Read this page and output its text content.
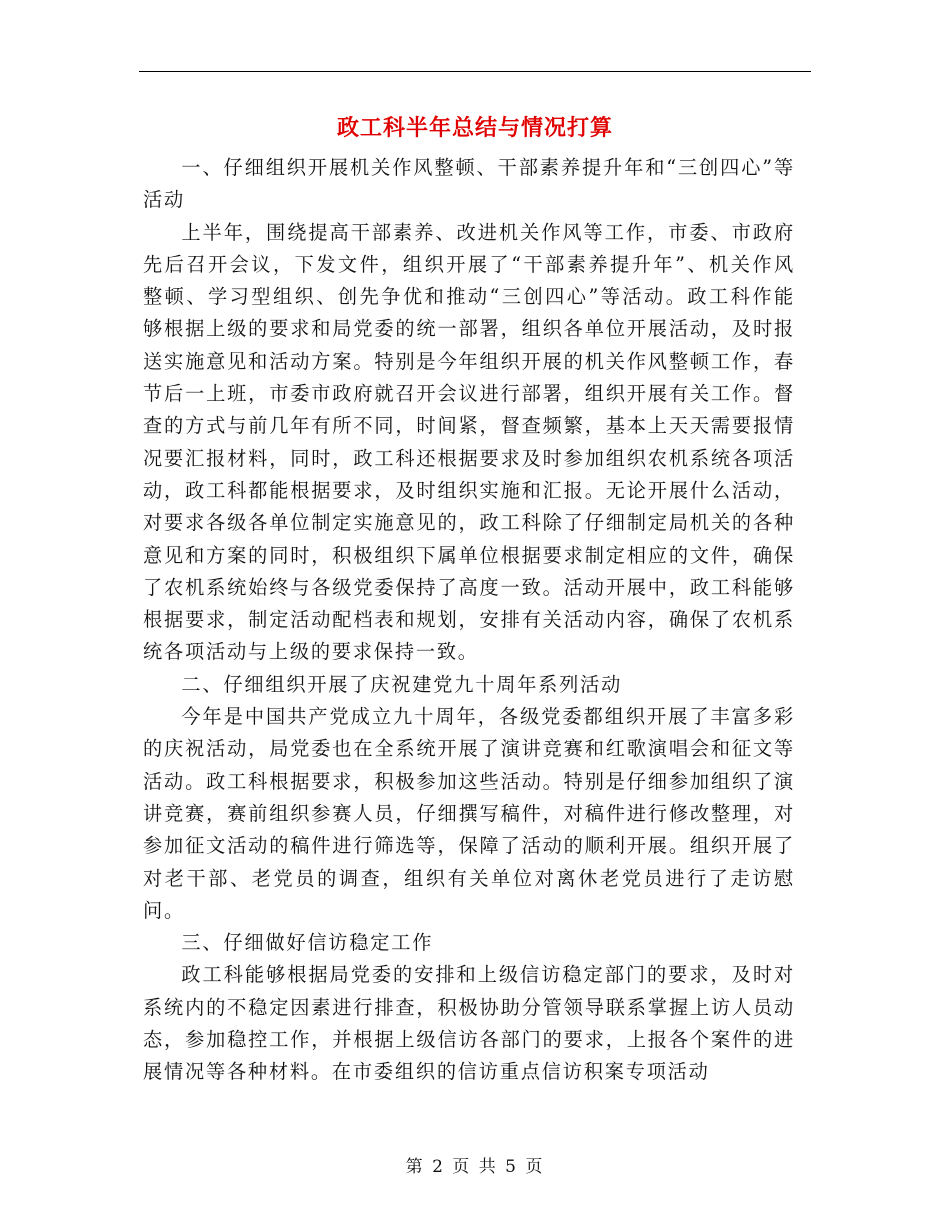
政工科半年总结与情况打算

一、仔细组织开展机关作风整顿、干部素养提升年和“三创四心”等活动

上半年，围绕提高干部素养、改进机关作风等工作，市委、市政府先后召开会议，下发文件，组织开展了“干部素养提升年”、机关作风整顿、学习型组织、创先争优和推动“三创四心”等活动。政工科作能够根据上级的要求和局党委的统一部署，组织各单位开展活动，及时报送实施意见和活动方案。特别是今年组织开展的机关作风整顿工作，春节后一上班，市委市政府就召开会议进行部署，组织开展有关工作。督查的方式与前几年有所不同，时间紧，督查频繁，基本上天天需要报情况要汇报材料，同时，政工科还根据要求及时参加组织农机系统各项活动，政工科都能根据要求，及时组织实施和汇报。无论开展什么活动，对要求各级各单位制定实施意见的，政工科除了仔细制定局机关的各种意见和方案的同时，积极组织下属单位根据要求制定相应的文件，确保了农机系统始终与各级党委保持了高度一致。活动开展中，政工科能够根据要求，制定活动配档表和规划，安排有关活动内容，确保了农机系统各项活动与上级的要求保持一致。

二、仔细组织开展了庆祝建党九十周年系列活动

今年是中国共产党成立九十周年，各级党委都组织开展了丰富多彩的庆祝活动，局党委也在全系统开展了演讲竞赛和红歌演唱会和征文等活动。政工科根据要求，积极参加这些活动。特别是仔细参加组织了演讲竞赛，赛前组织参赛人员，仔细撰写稿件，对稿件进行修改整理，对参加征文活动的稿件进行筛选等，保障了活动的顺利开展。组织开展了对老干部、老党员的调查，组织有关单位对离休老党员进行了走访慰问。

三、仔细做好信访稳定工作

政工科能够根据局党委的安排和上级信访稳定部门的要求，及时对系统内的不稳定因素进行排查，积极协助分管领导联系掌握上访人员动态，参加稳控工作，并根据上级信访各部门的要求，上报各个案件的进展情况等各种材料。在市委组织的信访重点信访积案专项活动

第 2 页 共 5 页
